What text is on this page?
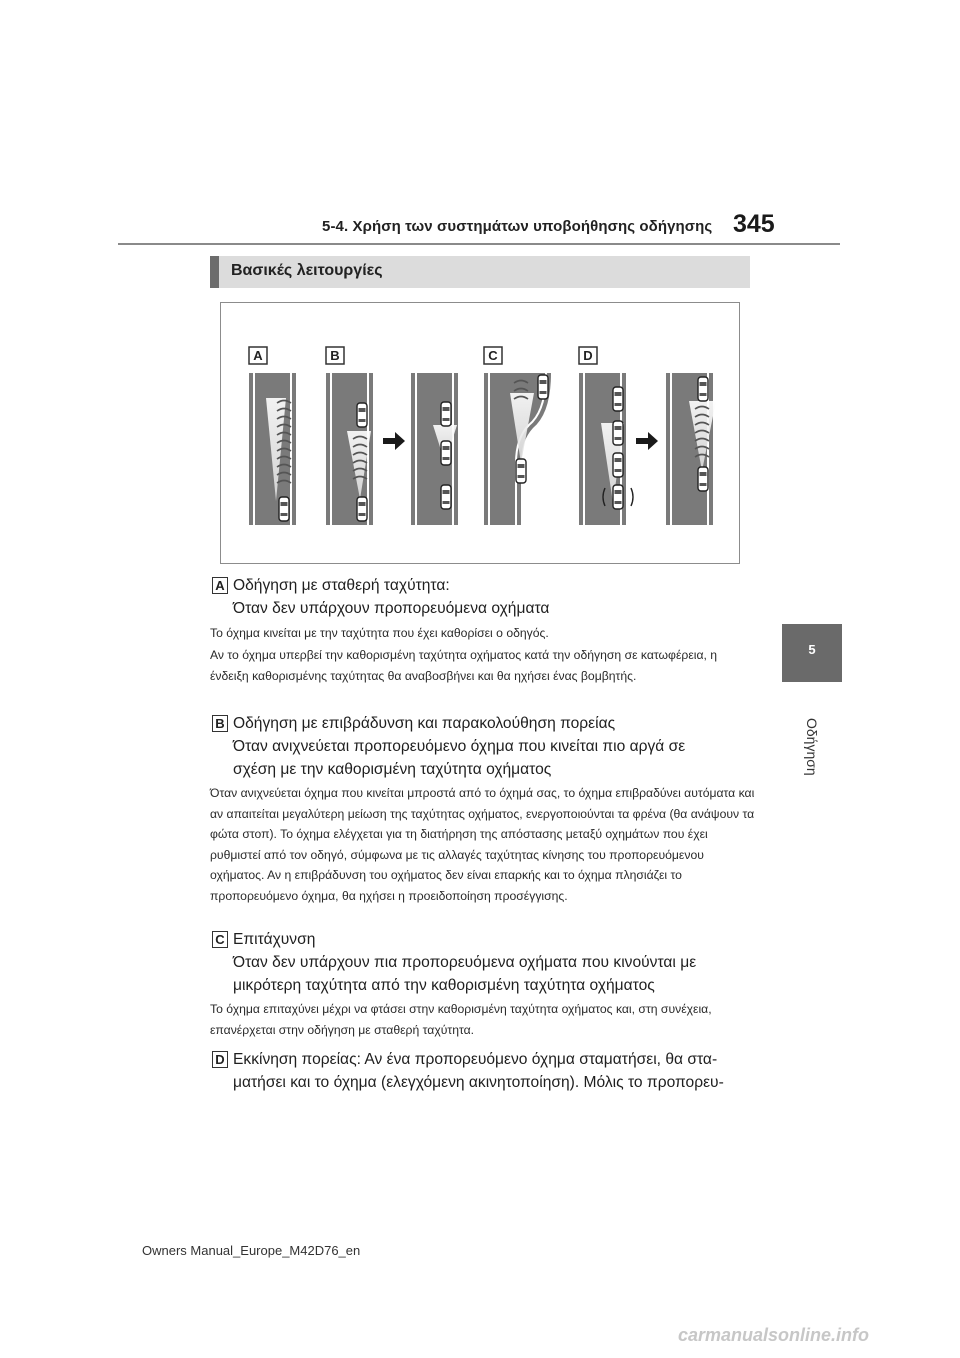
5-4. Χρήση των συστημάτων υποβοήθησης οδήγησης 345
Βασικές λειτουργίες
A	B	C	D
5
Οδήγηση
A Οδήγηση με σταθερή ταχύτητα:
Όταν δεν υπάρχουν προπορευόμενα οχήματα
Το όχημα κινείται με την ταχύτητα που έχει καθορίσει ο οδηγός.
Αν το όχημα υπερβεί την καθορισμένη ταχύτητα οχήματος κατά την οδήγηση σε κατωφέρεια, η ένδειξη καθορισμένης ταχύτητας θα αναβοσβήνει και θα ηχήσει ένας βομβητής.
B Οδήγηση με επιβράδυνση και παρακολούθηση πορείας
Όταν ανιχνεύεται προπορευόμενο όχημα που κινείται πιο αργά σε
σχέση με την καθορισμένη ταχύτητα οχήματος
Όταν ανιχνεύεται όχημα που κινείται μπροστά από το όχημά σας, το όχημα επιβραδύνει αυτόματα και αν απαιτείται μεγαλύτερη μείωση της ταχύτητας οχήματος, ενεργοποιούνται τα φρένα (θα ανάψουν τα φώτα στοπ). Το όχημα ελέγχεται για τη διατήρηση της απόστασης μεταξύ οχημάτων που έχει ρυθμιστεί από τον οδηγό, σύμφωνα με τις αλλαγές ταχύτητας κίνησης του προπορευόμενου οχήματος. Αν η επιβράδυνση του οχήματος δεν είναι επαρκής και το όχημα πλησιάζει το προπορευόμενο όχημα, θα ηχήσει η προειδοποίηση προσέγγισης.
C Επιτάχυνση
Όταν δεν υπάρχουν πια προπορευόμενα οχήματα που κινούνται με
μικρότερη ταχύτητα από την καθορισμένη ταχύτητα οχήματος
Το όχημα επιταχύνει μέχρι να φτάσει στην καθορισμένη ταχύτητα οχήματος και, στη συνέχεια, επανέρχεται στην οδήγηση με σταθερή ταχύτητα.
D Εκκίνηση πορείας: Αν ένα προπορευόμενο όχημα σταματήσει, θα στα-
ματήσει και το όχημα (ελεγχόμενη ακινητοποίηση). Μόλις το προπορευ-
Owners Manual_Europe_M42D76_en
carmanualsonline.info
